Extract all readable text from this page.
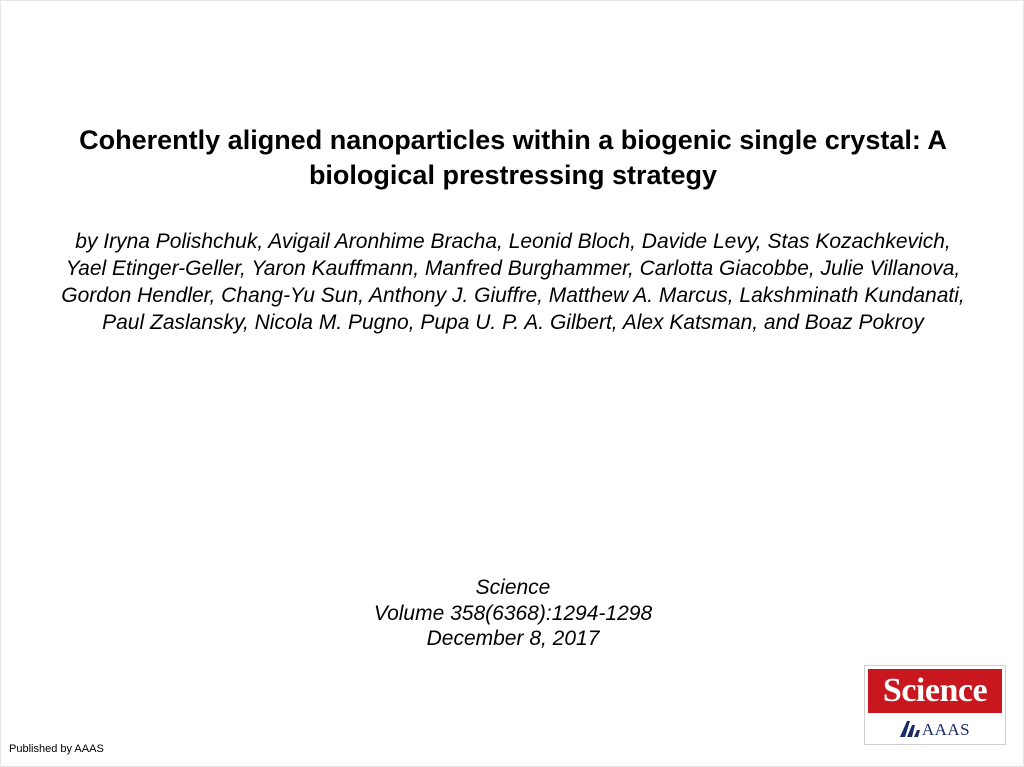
Coherently aligned nanoparticles within a biogenic single crystal: A biological prestressing strategy

by Iryna Polishchuk, Avigail Aronhime Bracha, Leonid Bloch, Davide Levy, Stas Kozachkevich, Yael Etinger-Geller, Yaron Kauffmann, Manfred Burghammer, Carlotta Giacobbe, Julie Villanova, Gordon Hendler, Chang-Yu Sun, Anthony J. Giuffre, Matthew A. Marcus, Lakshminath Kundanati, Paul Zaslansky, Nicola M. Pugno, Pupa U. P. A. Gilbert, Alex Katsman, and Boaz Pokroy

Science
Volume 358(6368):1294-1298
December 8, 2017
Science
AAAS
Published by AAAS
